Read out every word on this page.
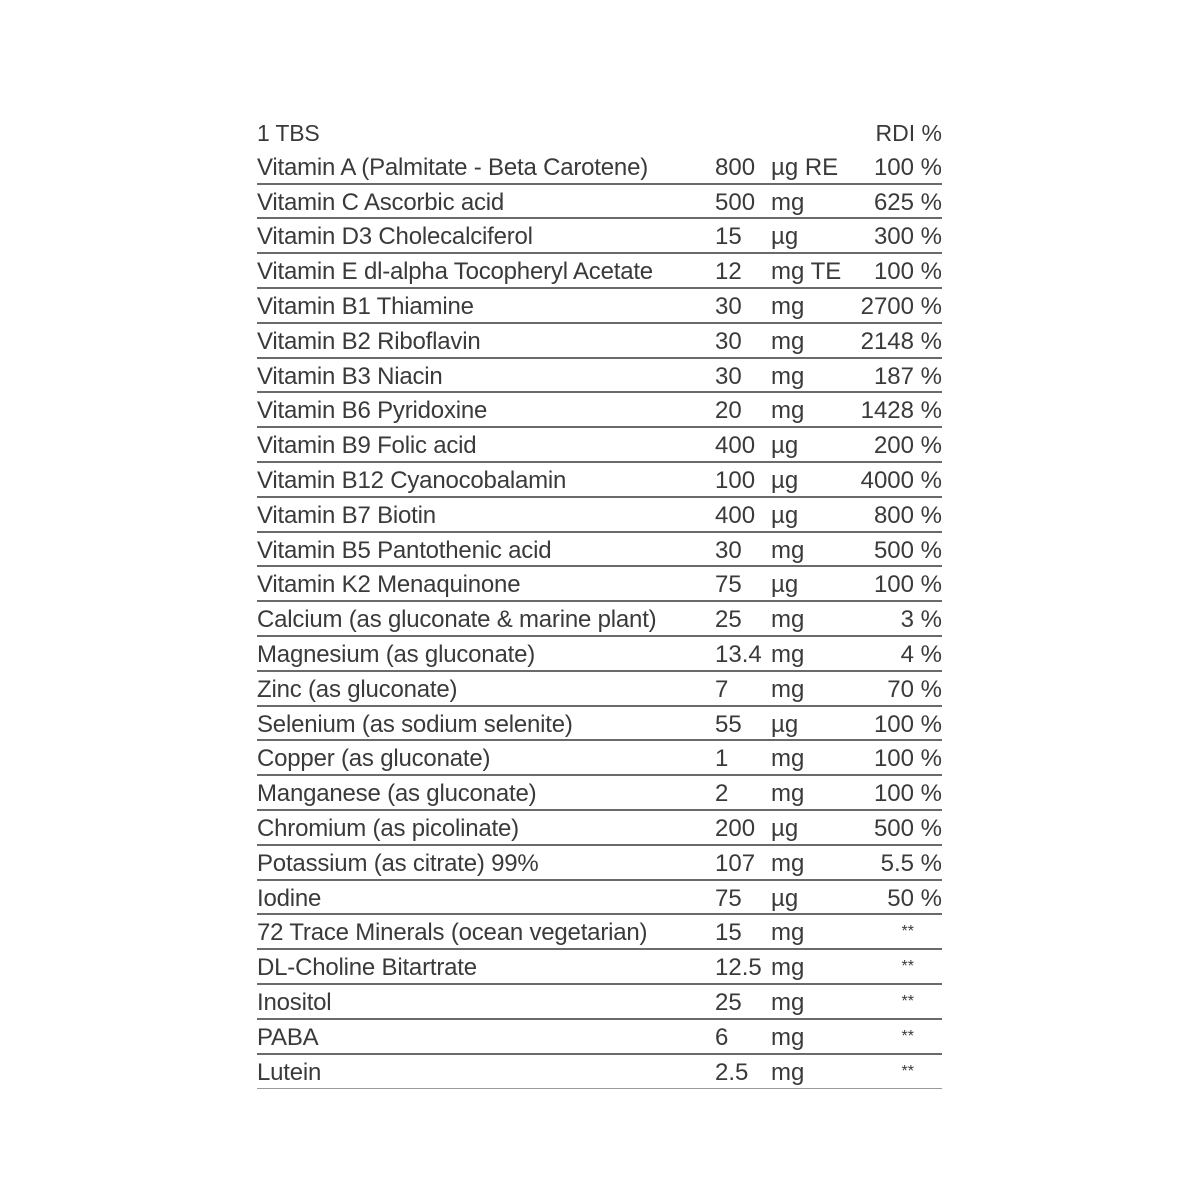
1 TBS	RDI %
Vitamin A (Palmitate - Beta Carotene)	800 µg RE 100 %
Vitamin C Ascorbic acid	500 mg	625 %
Vitamin D3 Cholecalciferol	15 µg	300 %
Vitamin E dl-alpha Tocopheryl Acetate	12 mg TE 100 %
Vitamin B1 Thiamine	30 mg 2700 %
Vitamin B2 Riboflavin	30 mg 2148 %
Vitamin B3 Niacin	30 mg	187 %
Vitamin B6 Pyridoxine	20 mg 1428 %
Vitamin B9 Folic acid	400 µg	200 %
Vitamin B12 Cyanocobalamin	100 µg	4000 %
Vitamin B7 Biotin	400 µg	800 %
Vitamin B5 Pantothenic acid	30 mg	500 %
Vitamin K2 Menaquinone	75 µg	100 %
Calcium (as gluconate & marine plant) 25 mg	3 %
Magnesium (as gluconate)	13.4 mg	4 %
Zinc (as gluconate)	7 mg	70 %
Selenium (as sodium selenite)	55 µg	100 %
Copper (as gluconate)	1 mg	100 %
Manganese (as gluconate)	2 mg	100 %
Chromium (as picolinate)	200 µg	500 %
Potassium (as citrate) 99%	107 mg	5.5 %
Iodine	75 µg	50 %
72 Trace Minerals (ocean vegetarian)	15 mg	**
DL-Choline Bitartrate	12.5 mg	**
Inositol	25 mg	**
PABA	6 mg	**
Lutein	2.5 mg	**
